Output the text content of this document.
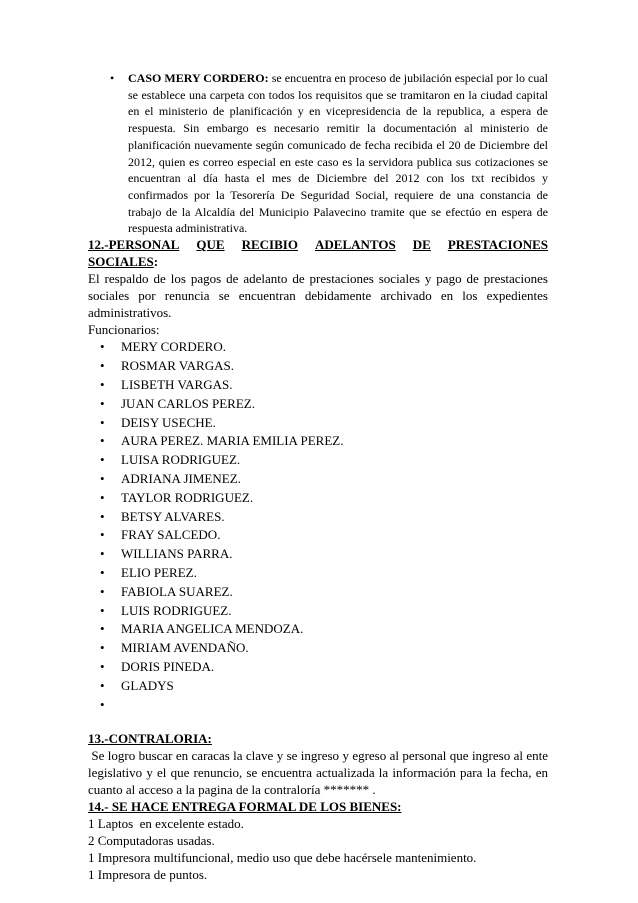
• CASO MERY CORDERO: se encuentra en proceso de jubilación especial por lo cual se establece una carpeta con todos los requisitos que se tramitaron en la ciudad capital en el ministerio de planificación y en vicepresidencia de la republica, a espera de respuesta. Sin embargo es necesario remitir la documentación al ministerio de planificación nuevamente según comunicado de fecha recibida el 20 de Diciembre del 2012, quien es correo especial en este caso es la servidora publica sus cotizaciones se encuentran al día hasta el mes de Diciembre del 2012 con los txt recibidos y confirmados por la Tesorería De Seguridad Social, requiere de una constancia de trabajo de la Alcaldía del Municipio Palavecino tramite que se efectúo en espera de respuesta administrativa.
12.-PERSONAL QUE RECIBIO ADELANTOS DE PRESTACIONES
SOCIALES:
El respaldo de los pagos de adelanto de prestaciones sociales y pago de prestaciones sociales por renuncia se encuentran debidamente archivado en los expedientes administrativos.
Funcionarios:
• MERY CORDERO.
• ROSMAR VARGAS.
• LISBETH VARGAS.
• JUAN CARLOS PEREZ.
• DEISY USECHE.
• AURA PEREZ. MARIA EMILIA PEREZ.
• LUISA RODRIGUEZ.
• ADRIANA JIMENEZ.
• TAYLOR RODRIGUEZ.
• BETSY ALVARES.
• FRAY SALCEDO.
• WILLIANS PARRA.
• ELIO PEREZ.
• FABIOLA SUAREZ.
• LUIS RODRIGUEZ.
• MARIA ANGELICA MENDOZA.
• MIRIAM AVENDAÑO.
• DORIS PINEDA.
• GLADYS
•
13.-CONTRALORIA:
Se logro buscar en caracas la clave y se ingreso y egreso al personal que ingreso al ente legislativo y el que renuncio, se encuentra actualizada la información para la fecha, en cuanto al acceso a la pagina de la contraloría ******* .
14.- SE HACE ENTREGA FORMAL DE LOS BIENES:
1 Laptos  en excelente estado.
2 Computadoras usadas.
1 Impresora multifuncional, medio uso que debe hacérsele mantenimiento.
1 Impresora de puntos.
